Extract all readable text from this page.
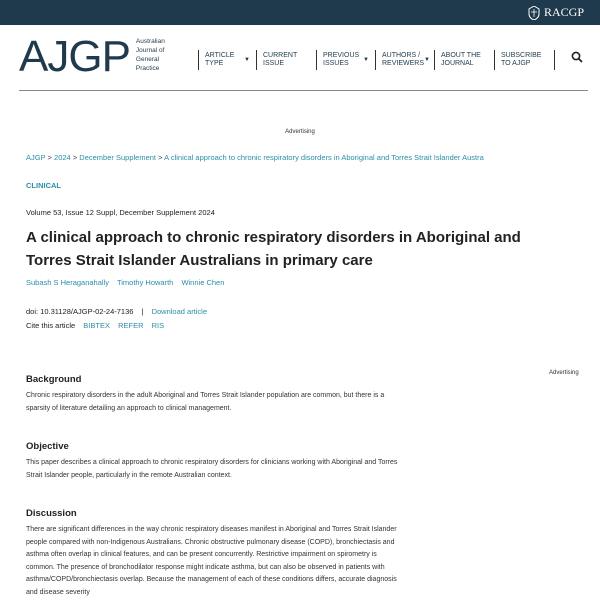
RACGP
AJGP Australian Journal of General Practice
ARTICLE TYPE
▼
CURRENT ISSUE
PREVIOUS ISSUES
▼
AUTHORS / REVIEWERS
▼
ABOUT THE JOURNAL
SUBSCRIBE TO AJGP
Advertising
AJGP > 2024 > December Supplement > A clinical approach to chronic respiratory disorders in Aboriginal and Torres Strait Islander Austra
CLINICAL
Volume 53, Issue 12 Suppl, December Supplement 2024
A clinical approach to chronic respiratory disorders in Aboriginal and Torres Strait Islander Australians in primary care
Subash S Heraganahally Timothy Howarth Winnie Chen
doi: 10.31128/AJGP-02-24-7136 | Download article
Cite this article BIBTEX REFER RIS
Advertising
Background
Chronic respiratory disorders in the adult Aboriginal and Torres Strait Islander population are common, but there is a sparsity of literature detailing an approach to clinical management.
Objective
This paper describes a clinical approach to chronic respiratory disorders for clinicians working with Aboriginal and Torres Strait Islander people, particularly in the remote Australian context.
Discussion
There are significant differences in the way chronic respiratory diseases manifest in Aboriginal and Torres Strait Islander people compared with non-Indigenous Australians. Chronic obstructive pulmonary disease (COPD), bronchiectasis and asthma often overlap in clinical features, and can be present concurrently. Restrictive impairment on spirometry is common. The presence of bronchodilator response might indicate asthma, but can also be observed in patients with asthma/COPD/bronchiectasis overlap. Because the management of each of these conditions differs, accurate diagnosis and disease severity
